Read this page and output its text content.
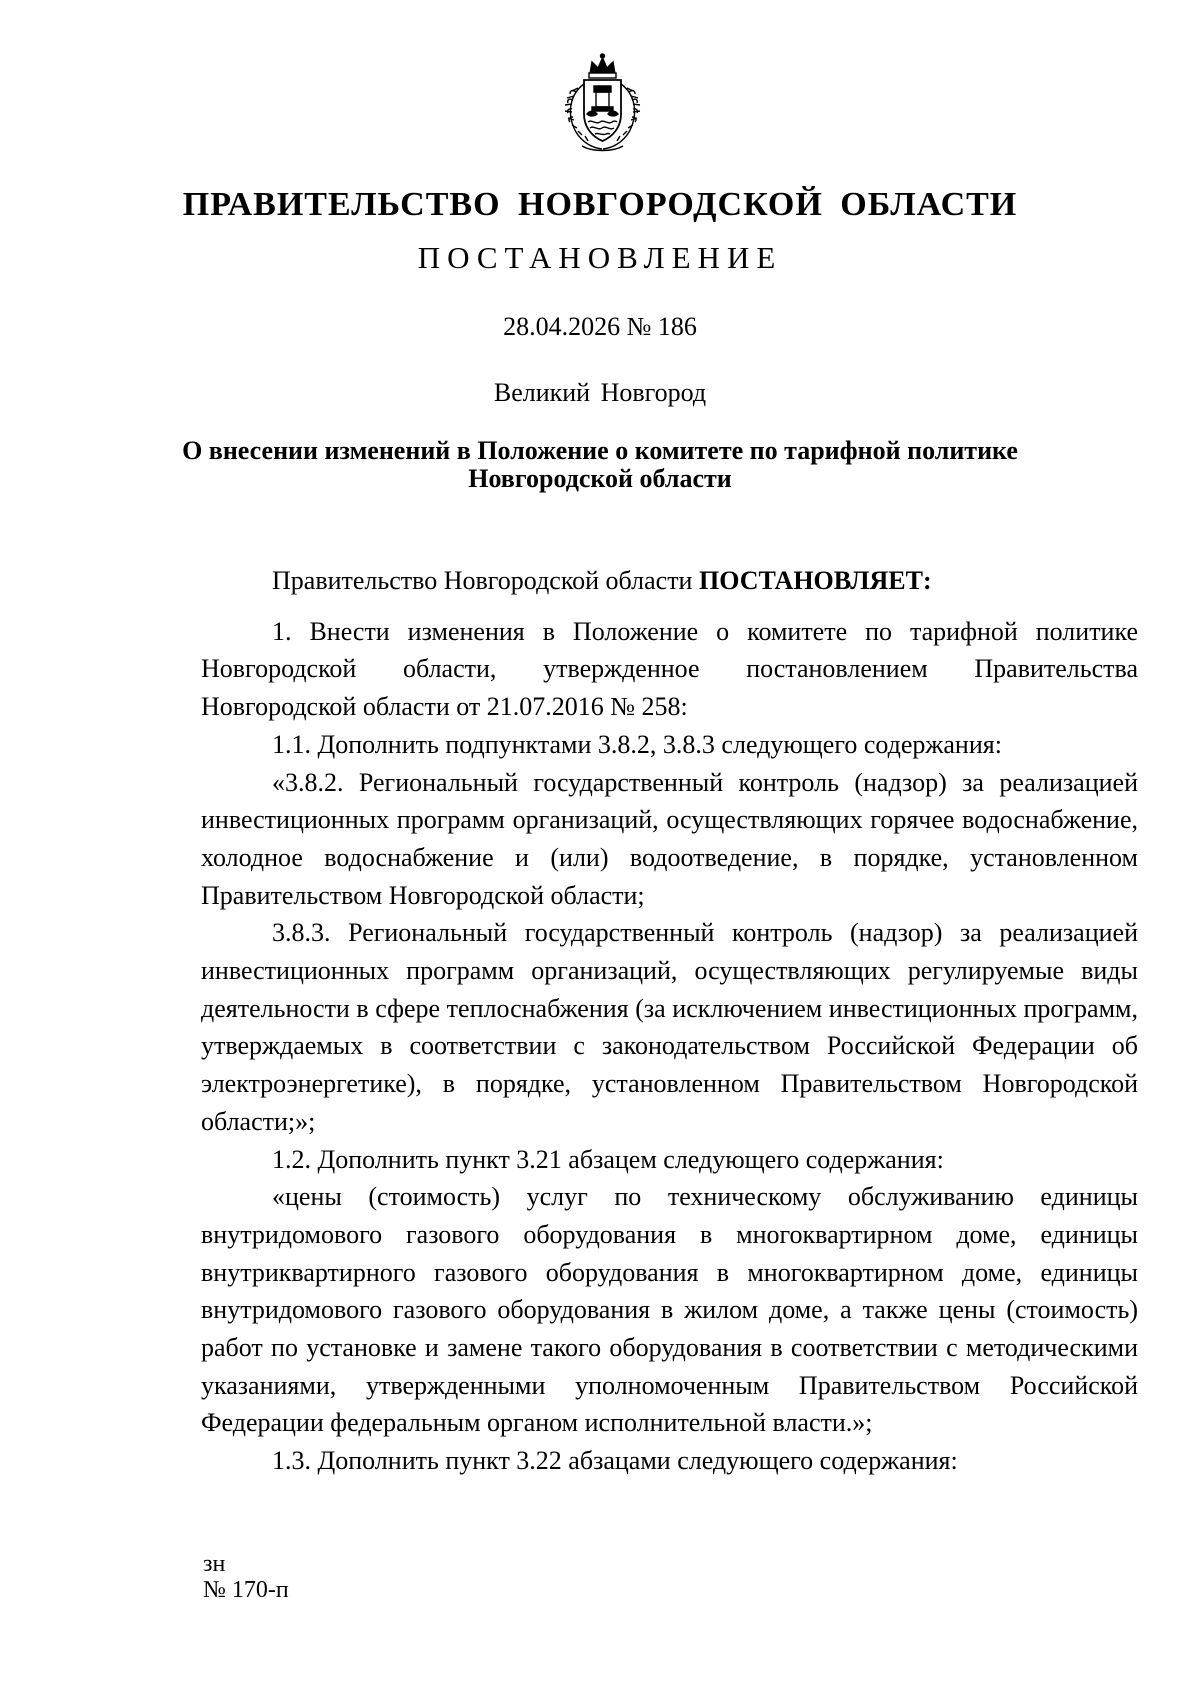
ПРАВИТЕЛЬСТВО НОВГОРОДСКОЙ ОБЛАСТИ
ПОСТАНОВЛЕНИЕ
28.04.2026 № 186
Великий Новгород
О внесении изменений в Положение о комитете по тарифной политике
Новгородской области

Правительство Новгородской области ПОСТАНОВЛЯЕТ:

1. Внести изменения в Положение о комитете по тарифной политике Новгородской области, утвержденное постановлением Правительства Новгородской области от 21.07.2016 № 258:

1.1. Дополнить подпунктами 3.8.2, 3.8.3 следующего содержания:

«3.8.2. Региональный государственный контроль (надзор) за реализацией инвестиционных программ организаций, осуществляющих горячее водоснабжение, холодное водоснабжение и (или) водоотведение, в порядке, установленном Правительством Новгородской области;

3.8.3. Региональный государственный контроль (надзор) за реализацией инвестиционных программ организаций, осуществляющих регулируемые виды деятельности в сфере теплоснабжения (за исключением инвестиционных программ, утверждаемых в соответствии с законодательством Российской Федерации об электроэнергетике), в порядке, установленном Правительством Новгородской области;»;

1.2. Дополнить пункт 3.21 абзацем следующего содержания:

«цены (стоимость) услуг по техническому обслуживанию единицы внутридомового газового оборудования в многоквартирном доме, единицы внутриквартирного газового оборудования в многоквартирном доме, единицы внутридомового газового оборудования в жилом доме, а также цены (стоимость) работ по установке и замене такого оборудования в соответствии с методическими указаниями, утвержденными уполномоченным Правительством Российской Федерации федеральным органом исполнительной власти.»;

1.3. Дополнить пункт 3.22 абзацами следующего содержания:

зн
№ 170-п
